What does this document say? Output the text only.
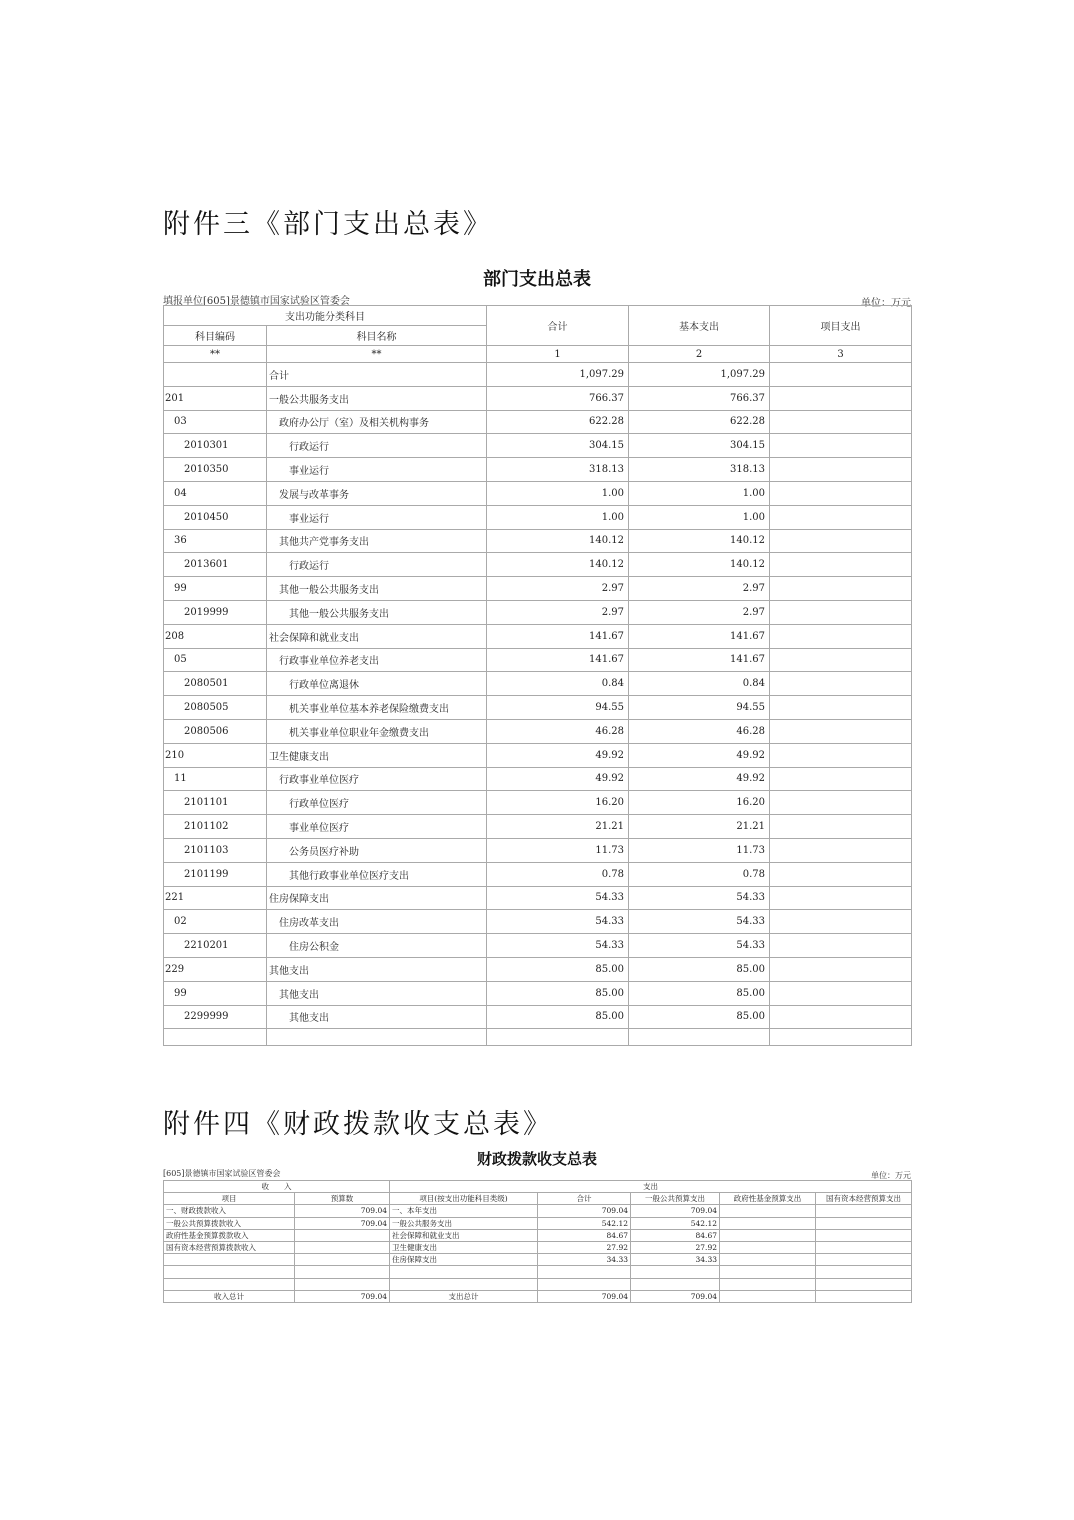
附件三《部门支出总表》
部门支出总表
填报单位[605]景德镇市国家试验区管委会	单位：万元
支出功能分类科目		合计	基本支出	项目支出
科目编码	科目名称			
**	**	1	2	3
	合计	1,097.29	1,097.29	
201	一般公共服务支出	766.37	766.37	
03	政府办公厅（室）及相关机构事务	622.28	622.28	
2010301	行政运行	304.15	304.15	
2010350	事业运行	318.13	318.13	
04	发展与改革事务	1.00	1.00	
2010450	事业运行	1.00	1.00	
36	其他共产党事务支出	140.12	140.12	
2013601	行政运行	140.12	140.12	
99	其他一般公共服务支出	2.97	2.97	
2019999	其他一般公共服务支出	2.97	2.97	
208	社会保障和就业支出	141.67	141.67	
05	行政事业单位养老支出	141.67	141.67	
2080501	行政单位离退休	0.84	0.84	
2080505	机关事业单位基本养老保险缴费支出	94.55	94.55	
2080506	机关事业单位职业年金缴费支出	46.28	46.28	
210	卫生健康支出	49.92	49.92	
11	行政事业单位医疗	49.92	49.92	
2101101	行政单位医疗	16.20	16.20	
2101102	事业单位医疗	21.21	21.21	
2101103	公务员医疗补助	11.73	11.73	
2101199	其他行政事业单位医疗支出	0.78	0.78	
221	住房保障支出	54.33	54.33	
02	住房改革支出	54.33	54.33	
2210201	住房公积金	54.33	54.33	
229	其他支出	85.00	85.00	
99	其他支出	85.00	85.00	
2299999	其他支出	85.00	85.00	

附件四《财政拨款收支总表》
财政拨款收支总表
[605]景德镇市国家试验区管委会	单位：万元
收　　入		支出				
项目	预算数	项目(按支出功能科目类级)	合计	一般公共预算支出	政府性基金预算支出	国有资本经营预算支出
一、财政拨款收入	709.04	一、本年支出	709.04	709.04		
一般公共预算拨款收入	709.04	一般公共服务支出	542.12	542.12		
政府性基金预算拨款收入		社会保障和就业支出	84.67	84.67		
国有资本经营预算拨款收入		卫生健康支出	27.92	27.92		
		住房保障支出	34.33	34.33		

收入总计	709.04	支出总计	709.04	709.04		
